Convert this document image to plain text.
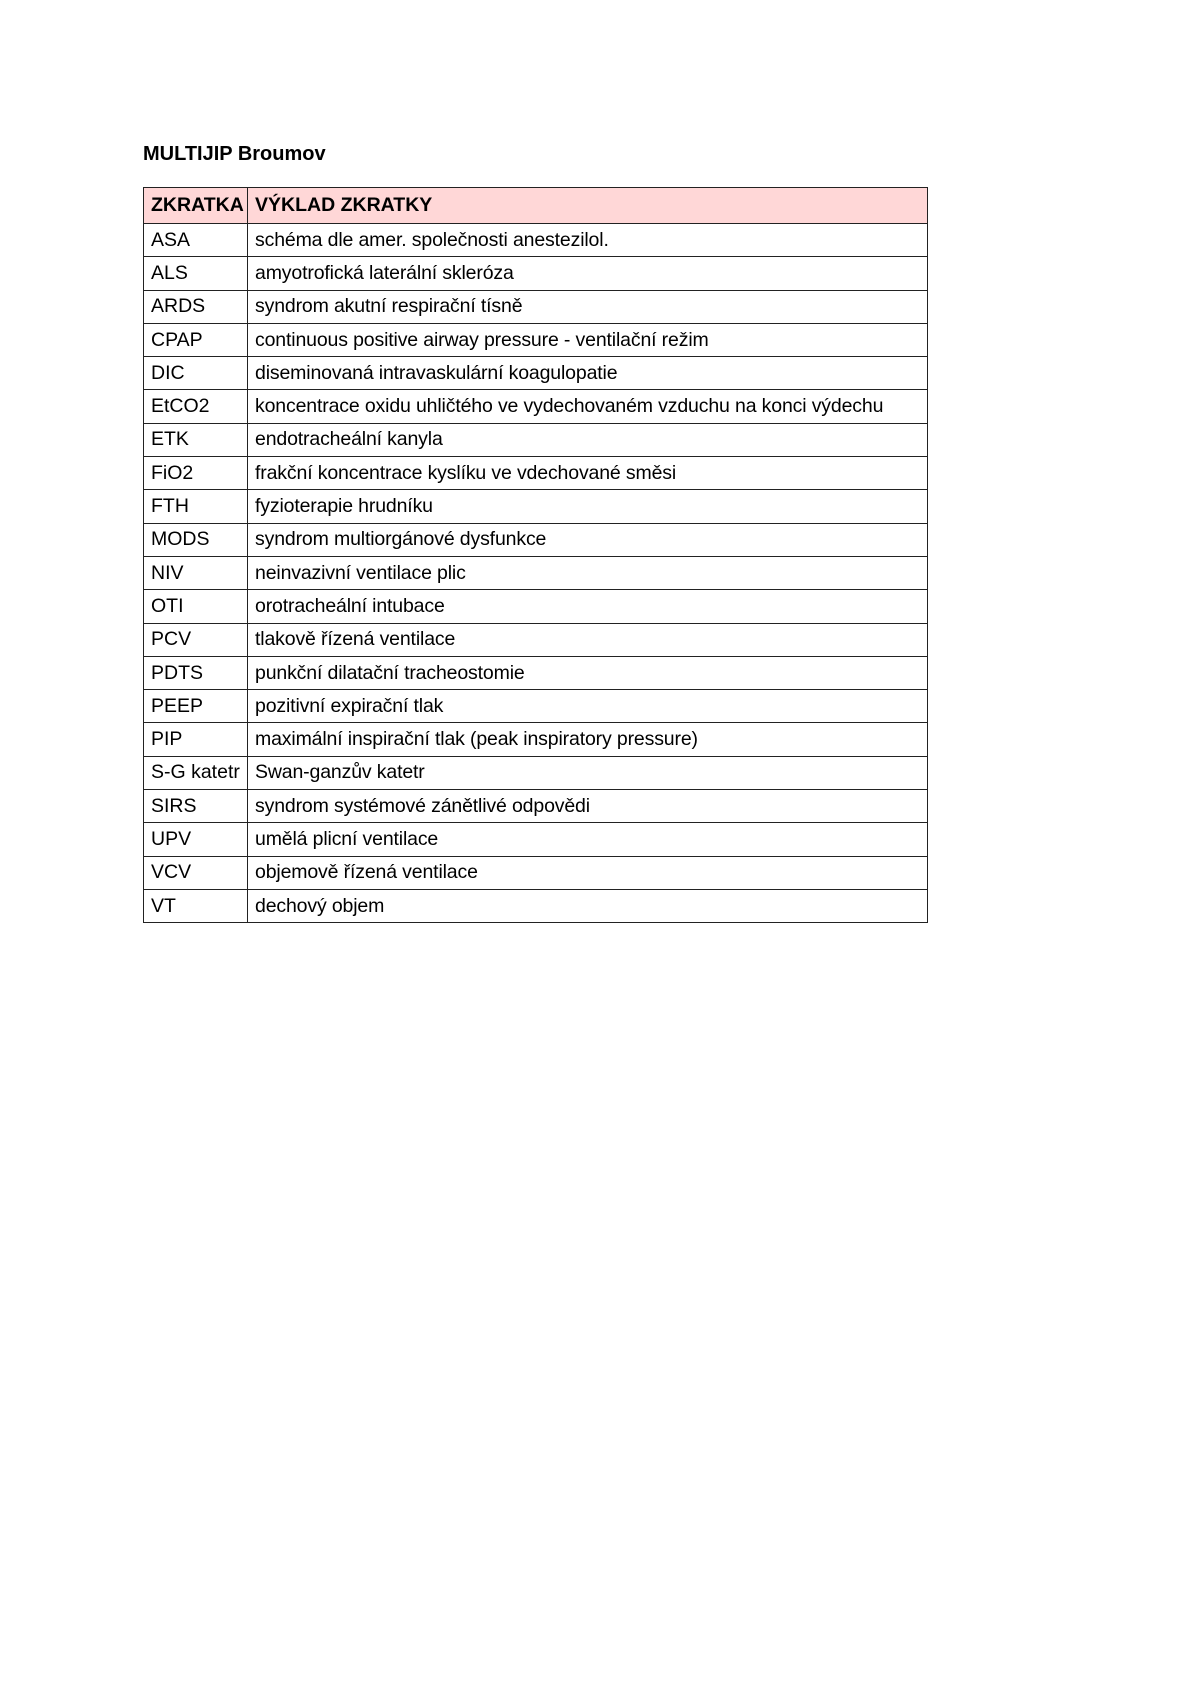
MULTIJIP Broumov
ZKRATKA	VÝKLAD ZKRATKY
ASA	schéma dle amer. společnosti anestezilol.
ALS	amyotrofická laterální skleróza
ARDS	syndrom akutní respirační tísně
CPAP	continuous positive airway pressure - ventilační režim
DIC	diseminovaná intravaskulární koagulopatie
EtCO2	koncentrace oxidu uhličtého ve vydechovaném vzduchu na konci výdechu
ETK	endotracheální kanyla
FiO2	frakční koncentrace kyslíku ve vdechované směsi
FTH	fyzioterapie hrudníku
MODS	syndrom multiorgánové dysfunkce
NIV	neinvazivní ventilace plic
OTI	orotracheální intubace
PCV	tlakově řízená ventilace
PDTS	punkční dilatační tracheostomie
PEEP	pozitivní expirační tlak
PIP	maximální inspirační tlak (peak inspiratory pressure)
S-G katetr	Swan-ganzův katetr
SIRS	syndrom systémové zánětlivé odpovědi
UPV	umělá plicní ventilace
VCV	objemově řízená ventilace
VT	dechový objem
